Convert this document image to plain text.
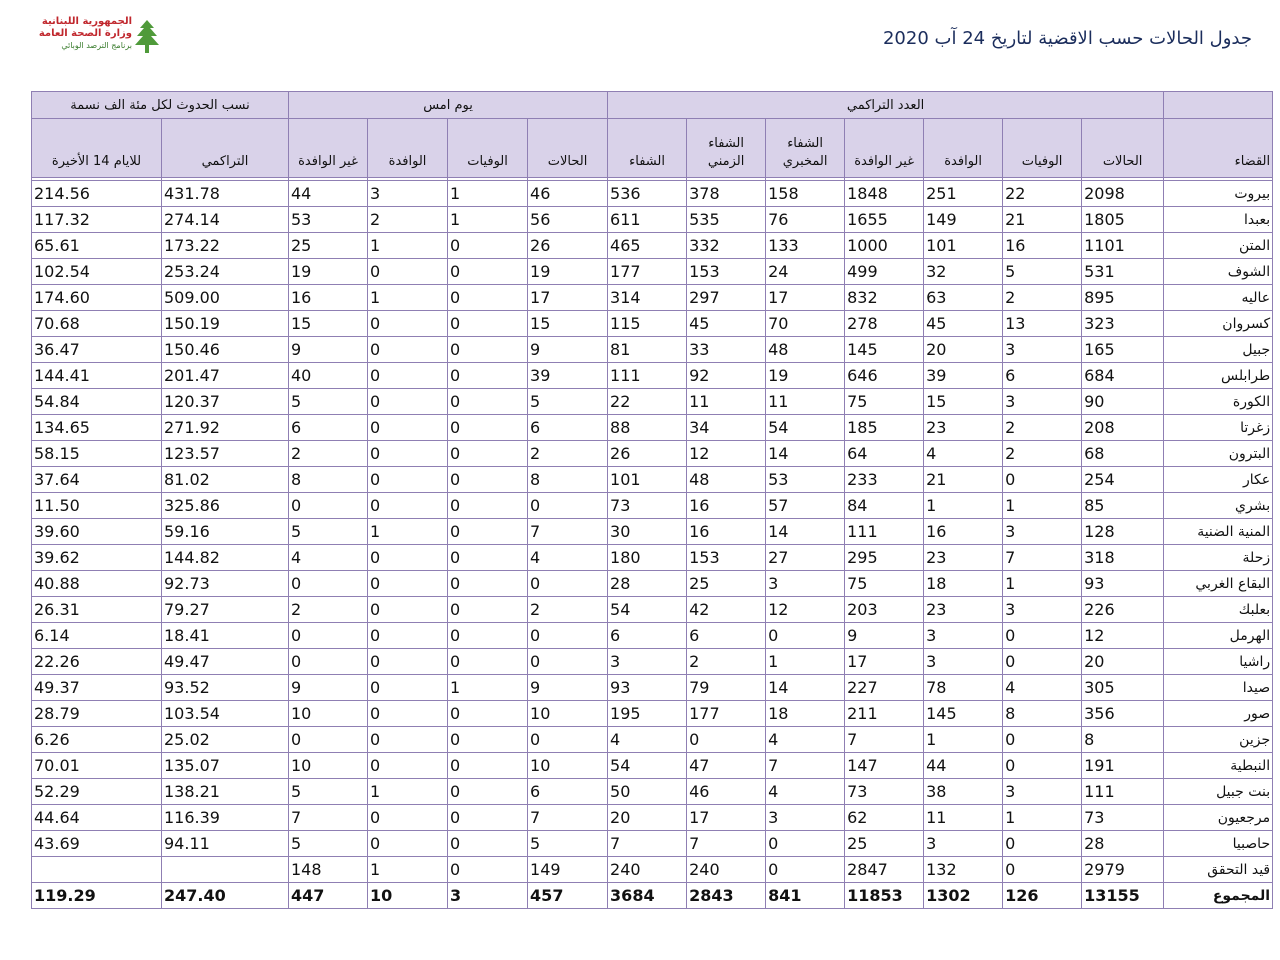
الجمهورية اللبنانية
وزارة الصحة العامة
برنامج الترصد الوبائي	جدول الحالات حسب الاقضية لتاريخ 24 آب 2020
	العدد التراكمي							يوم امس				نسب الحدوث لكل مئة الف نسمة	
القضاء	الحالات	الوفيات	الوافدة	غير الوافدة	الشفاء المخبري	الشفاء الزمني	الشفاء	الحالات	الوفيات	الوافدة	غير الوافدة	التراكمي	للايام 14 الأخيرة

بيروت	2098	22	251	1848	158	378	536	46	1	3	44	431.78	214.56
بعبدا	1805	21	149	1655	76	535	611	56	1	2	53	274.14	117.32
المتن	1101	16	101	1000	133	332	465	26	0	1	25	173.22	65.61
الشوف	531	5	32	499	24	153	177	19	0	0	19	253.24	102.54
عاليه	895	2	63	832	17	297	314	17	0	1	16	509.00	174.60
كسروان	323	13	45	278	70	45	115	15	0	0	15	150.19	70.68
جبيل	165	3	20	145	48	33	81	9	0	0	9	150.46	36.47
طرابلس	684	6	39	646	19	92	111	39	0	0	40	201.47	144.41
الكورة	90	3	15	75	11	11	22	5	0	0	5	120.37	54.84
زغرتا	208	2	23	185	54	34	88	6	0	0	6	271.92	134.65
البترون	68	2	4	64	14	12	26	2	0	0	2	123.57	58.15
عكار	254	0	21	233	53	48	101	8	0	0	8	81.02	37.64
بشري	85	1	1	84	57	16	73	0	0	0	0	325.86	11.50
المنية الضنية	128	3	16	111	14	16	30	7	0	1	5	59.16	39.60
زحلة	318	7	23	295	27	153	180	4	0	0	4	144.82	39.62
البقاع الغربي	93	1	18	75	3	25	28	0	0	0	0	92.73	40.88
بعلبك	226	3	23	203	12	42	54	2	0	0	2	79.27	26.31
الهرمل	12	0	3	9	0	6	6	0	0	0	0	18.41	6.14
راشيا	20	0	3	17	1	2	3	0	0	0	0	49.47	22.26
صيدا	305	4	78	227	14	79	93	9	1	0	9	93.52	49.37
صور	356	8	145	211	18	177	195	10	0	0	10	103.54	28.79
جزين	8	0	1	7	4	0	4	0	0	0	0	25.02	6.26
النبطية	191	0	44	147	7	47	54	10	0	0	10	135.07	70.01
بنت جبيل	111	3	38	73	4	46	50	6	0	1	5	138.21	52.29
مرجعيون	73	1	11	62	3	17	20	7	0	0	7	116.39	44.64
حاصبيا	28	0	3	25	0	7	7	5	0	0	5	94.11	43.69
قيد التحقق	2979	0	132	2847	0	240	240	149	0	1	148		
المجموع	13155	126	1302	11853	841	2843	3684	457	3	10	447	247.40	119.29
